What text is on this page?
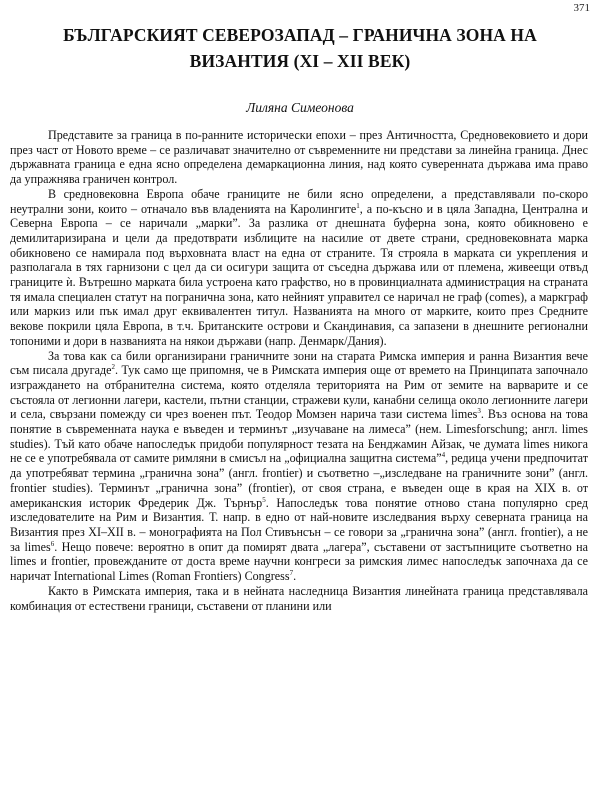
371
БЪЛГАРСКИЯТ СЕВЕРОЗАПАД – ГРАНИЧНА ЗОНА НА
ВИЗАНТИЯ (XI – XII ВЕК)
Лиляна Симеонова

Представите за граница в по-ранните исторически епохи – през Античността, Средновековието и дори през част от Новото време – се различават значително от съвременните ни представи за линейна граница. Днес държавната граница е една ясно определена демаркационна линия, над която суверенната държава има право да упражнява граничен контрол.

В средновековна Европа обаче границите не били ясно определени, а представлявали по-скоро неутрални зони, които – отначало във владенията на Каролингите$^1$, а по-късно и в цяла Западна, Централна и Северна Европа – се наричали „марки”. За разлика от днешната буферна зона, която обикновено е демилитаризирана и цели да предотврати изблиците на насилие от двете страни, средновековната марка обикновено се намирала под върховната власт на една от страните. Тя строяла в марката си укрепления и разполагала в тях гарнизони с цел да си осигури защита от съседна държава или от племена, живеещи отвъд границите ѝ. Вътрешно марката била устроена като графство, но в провинциалната администрация на страната тя имала специален статут на погранична зона, като нейният управител се наричал не граф (comes), а маркграф или маркиз или пък имал друг еквивалентен титул. Названията на много от марките, които през Средните векове покрили цяла Европа, в т.ч. Британските острови и Скандинавия, са запазени в днешните регионални топоними и дори в названията на някои държави (напр. Денмарк/Дания).

За това как са били организирани граничните зони на старата Римска империя и ранна Византия вече съм писала другаде$^2$. Тук само ще припомня, че в Римската империя още от времето на Принципата започнало изграждането на отбранителна система, която отделяла територията на Рим от земите на варварите и се състояла от легионни лагери, кастели, пътни станции, стражеви кули, канабни селища около легионните лагери и села, свързани помежду си чрез военен път. Теодор Момзен нарича тази система limes$^3$. Въз основа на това понятие в съвременната наука е въведен и терминът „изучаване на лимеса” (нем. Limesforschung; англ. limes studies). Тъй като обаче напоследък придоби популярност тезата на Бенджамин Айзак, че думата limes никога не се е употребявала от самите римляни в смисъл на „официална защитна система”$^4$, редица учени предпочитат да употребяват термина „гранична зона” (англ. frontier) и съответно –„изследване на граничните зони” (англ. frontier studies). Терминът „гранична зона” (frontier), от своя страна, е въведен още в края на XIX в. от американския историк Фредерик Дж. Търнър$^5$. Напоследък това понятие отново стана популярно сред изследователите на Рим и Византия. Т. напр. в едно от най-новите изследвания върху северната граница на Византия през XI–XII в. – монографията на Пол Стивънсън – се говори за „гранична зона” (англ. frontier), а не за limes$^6$. Нещо повече: вероятно в опит да помирят двата „лагера”, съставени от застъпниците съответно на limes и frontier, провежданите от доста време научни конгреси за римския лимес напоследък започнаха да се наричат International Limes (Roman Frontiers) Congress$^7$.

Както в Римската империя, така и в нейната наследница Византия линейната граница представлявала комбинация от естествени граници, съставени от планини или
